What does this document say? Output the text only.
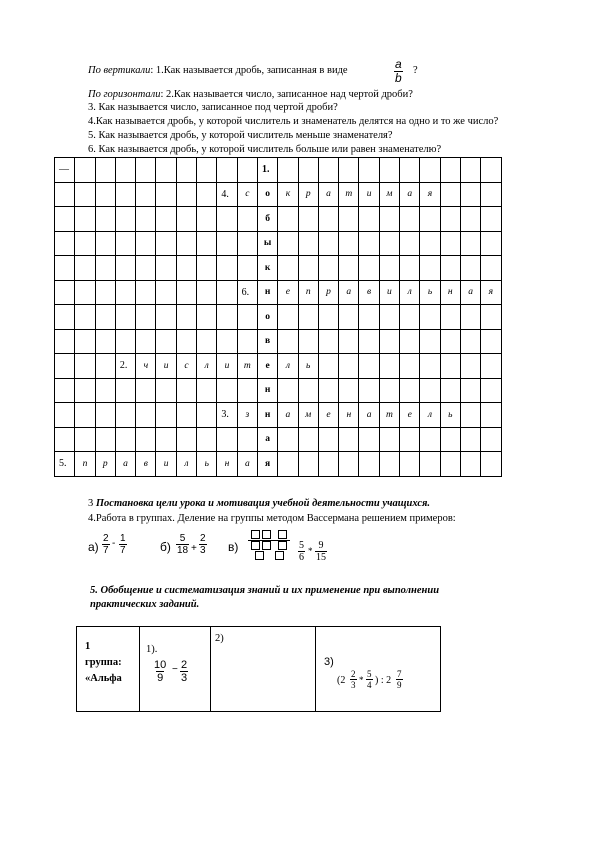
По вертикали: 1.Как называется дробь, записанная в виде	$\frac{a}{b}$ ?
По горизонтали: 2.Как называется число, записанное над чертой дроби?
3. Как называется число, записанное под чертой дроби?
4.Как называется дробь, у которой числитель и знаменатель делятся на одно и то же число?
5. Как называется дробь, у которой числитель меньше знаменателя?
6. Как называется дробь, у которой числитель больше или равен знаменателю?
—										1.											
								4.	с	о	к	р	а	т	и	м	а	я			
										б											
										ы											
										к											
									6.	н	е	п	р	а	в	и	л	ь	н	а	я
										о											
										в											
			2.	ч	и	с	л	и	т	е	л	ь									
										н											
								3.	з	н	а	м	е	н	а	т	е	л	ь		
										а											
5.	п	р	а	в	и	л	ь	н	а	я											
3 Постановка цели урока и мотивация учебной деятельности учащихся.
4.Работа в группах. Деление на группы методом Вассермана решением примеров:
$а) \frac{2}{7} - \frac{1}{7}$	$б) \frac{5}{18} + \frac{2}{3} в$)	$\frac{5}{6} * \frac{9}{15}$
5. Обобщение и систематизация знаний и их применение при выполнении
практических заданий.
1
группа:
«Альфа

1).
$\frac{10}{9} - \frac{2}{3}$

2)

3)
($2 \frac{2}{3} * \frac{5}{4}$ ) : $2 \frac{7}{9}$
